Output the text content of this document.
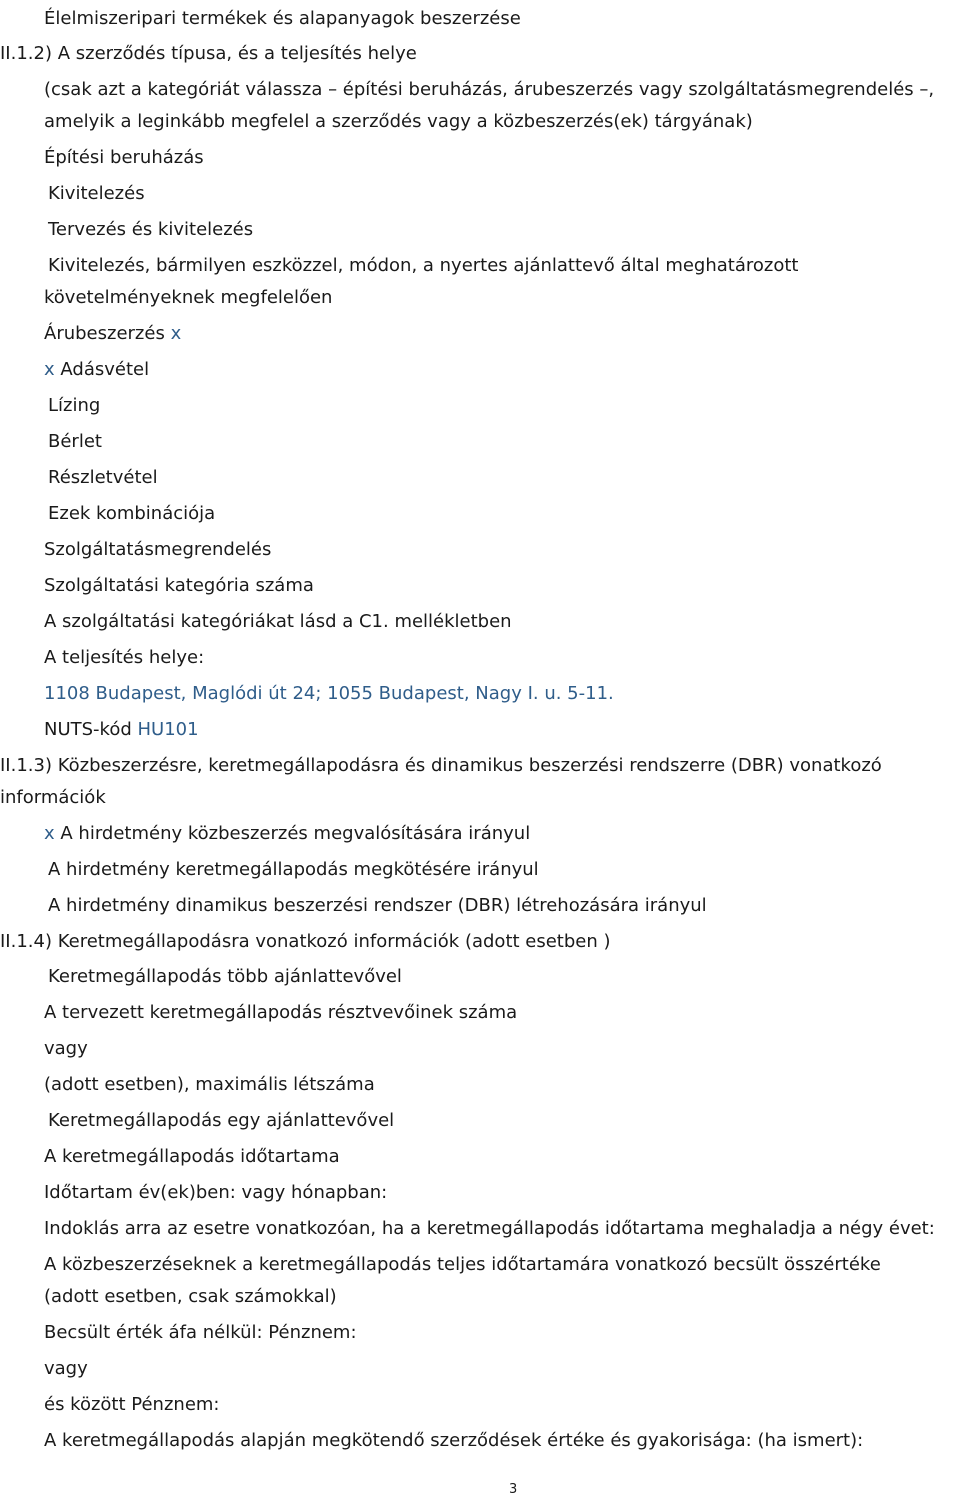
Élelmiszeripari termékek és alapanyagok beszerzése
II.1.2) A szerződés típusa, és a teljesítés helye
(csak azt a kategóriát válassza – építési beruházás, árubeszerzés vagy szolgáltatásmegrendelés –,
amelyik a leginkább megfelel a szerződés vagy a közbeszerzés(ek) tárgyának)
Építési beruházás
Kivitelezés
Tervezés és kivitelezés
Kivitelezés, bármilyen eszközzel, módon, a nyertes ajánlattevő által meghatározott
követelményeknek megfelelően
Árubeszerzés x
x Adásvétel
Lízing
Bérlet
Részletvétel
Ezek kombinációja
Szolgáltatásmegrendelés
Szolgáltatási kategória száma
A szolgáltatási kategóriákat lásd a C1. mellékletben
A teljesítés helye:
1108 Budapest, Maglódi út 24; 1055 Budapest, Nagy I. u. 5-11.
NUTS-kód HU101
II.1.3) Közbeszerzésre, keretmegállapodásra és dinamikus beszerzési rendszerre (DBR) vonatkozó
információk
x A hirdetmény közbeszerzés megvalósítására irányul
A hirdetmény keretmegállapodás megkötésére irányul
A hirdetmény dinamikus beszerzési rendszer (DBR) létrehozására irányul
II.1.4) Keretmegállapodásra vonatkozó információk (adott esetben )
Keretmegállapodás több ajánlattevővel
A tervezett keretmegállapodás résztvevőinek száma
vagy
(adott esetben), maximális létszáma
Keretmegállapodás egy ajánlattevővel
A keretmegállapodás időtartama
Időtartam év(ek)ben: vagy hónapban:
Indoklás arra az esetre vonatkozóan, ha a keretmegállapodás időtartama meghaladja a négy évet:
A közbeszerzéseknek a keretmegállapodás teljes időtartamára vonatkozó becsült összértéke
(adott esetben, csak számokkal)
Becsült érték áfa nélkül: Pénznem:
vagy
és között Pénznem:
A keretmegállapodás alapján megkötendő szerződések értéke és gyakorisága: (ha ismert):
3
